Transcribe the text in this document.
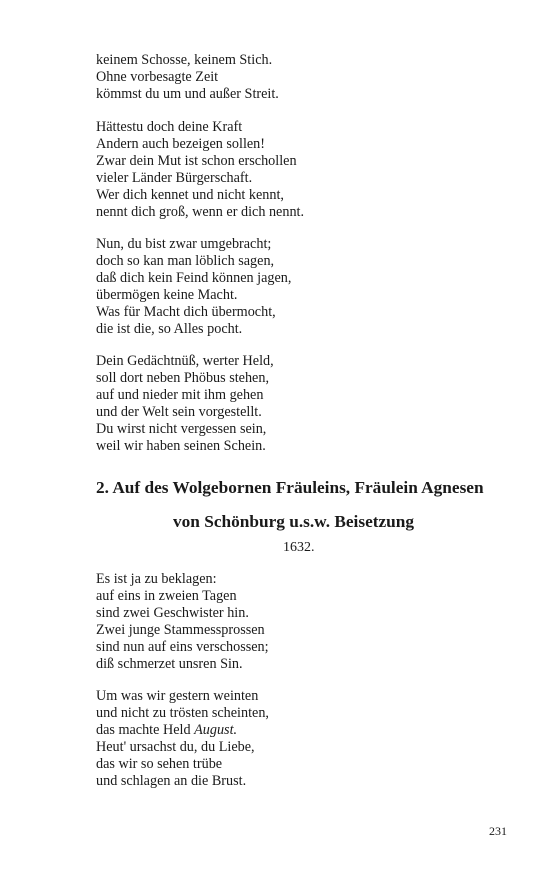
keinem Schosse, keinem Stich.
Ohne vorbesagte Zeit
kömmst du um und außer Streit.
Hättestu doch deine Kraft
Andern auch bezeigen sollen!
Zwar dein Mut ist schon erschollen
vieler Länder Bürgerschaft.
Wer dich kennet und nicht kennt,
nennt dich groß, wenn er dich nennt.
Nun, du bist zwar umgebracht;
doch so kan man löblich sagen,
daß dich kein Feind können jagen,
übermögen keine Macht.
Was für Macht dich übermocht,
die ist die, so Alles pocht.
Dein Gedächtnüß, werter Held,
soll dort neben Phöbus stehen,
auf und nieder mit ihm gehen
und der Welt sein vorgestellt.
Du wirst nicht vergessen sein,
weil wir haben seinen Schein.
2. Auf des Wolgebornen Fräuleins, Fräulein Agnesen
von Schönburg u.s.w. Beisetzung
1632.
Es ist ja zu beklagen:
auf eins in zweien Tagen
sind zwei Geschwister hin.
Zwei junge Stammessprossen
sind nun auf eins verschossen;
diß schmerzet unsren Sin.
Um was wir gestern weinten
und nicht zu trösten scheinten,
das machte Held August.
Heut' ursachst du, du Liebe,
das wir so sehen trübe
und schlagen an die Brust.
231
